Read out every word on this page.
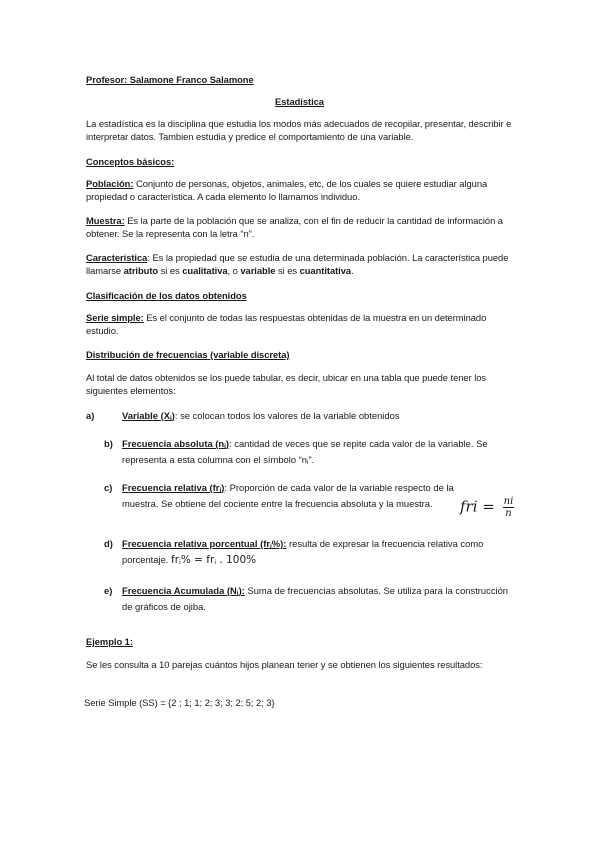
Profesor: Salamone Franco Salamone
Estadística
La estadística es la disciplina que estudia los modos más adecuados de recopilar, presentar, describir e interpretar datos. Tambien estudia y predice el comportamiento de una variable.
Conceptos básicos:
Población: Conjunto de personas, objetos, animales, etc, de los cuales se quiere estudiar alguna propiedad o característica. A cada elemento lo llamamos individuo.
Muestra: Es la parte de la población que se analiza, con el fin de reducir la cantidad de información a obtener. Se la representa con la letra “n”.
Característica: Es la propiedad que se estudia de una determinada población. La característica puede llamarse atributo si es cualitativa, o variable si es cuantitativa.
Clasificación de los datos obtenidos
Serie simple: Es el conjunto de todas las respuestas obtenidas de la muestra en un determinado estudio.
Distribución de frecuencias (variable discreta)
Al total de datos obtenidos se los puede tabular, es decir, ubicar en una tabla que puede tener los siguientes elementos:
a)	Variable (Xi): se colocan todos los valores de la variable obtenidos
b) Frecuencia absoluta (ni): cantidad de veces que se repite cada valor de la variable. Se representa a esta columna con el símbolo “ni”.
c) Frecuencia relativa (fri): Proporción de cada valor de la variable respecto de la muestra. Se obtiene del cociente entre la frecuencia absoluta y la muestra.	fri = $\frac{ni}{n}$
d) Frecuencia relativa porcentual (fri%): resulta de expresar la frecuencia relativa como porcentaje. fri% = fri . 100%
e) Frecuencia Acumulada (Ni): Suma de frecuencias absolutas. Se utiliza para la construcción de gráficos de ojiba.
Ejemplo 1:
Se les consulta a 10 parejas cuántos hijos planean tener y se obtienen los siguientes resultados:
Serie Simple (SS) = {2 ; 1; 1; 2; 3; 3; 2; 5; 2; 3}
